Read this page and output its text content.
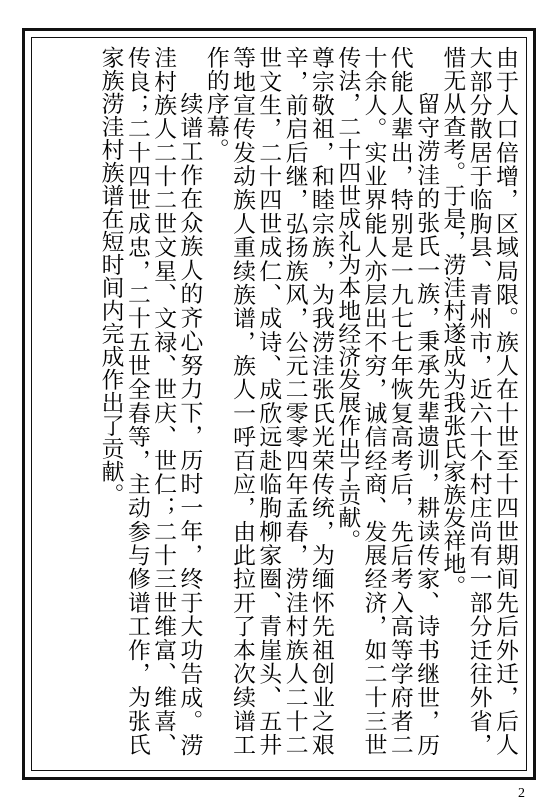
由于人口倍增，区域局限。族人在十世至十四世期间先后外迁，后人大部分散居于临朐县、青州市，近六十个村庄尚有一部分迁往外省，惜无从查考。于是，涝洼村遂成为我张氏家族发祥地。

留守涝洼的张氏一族，秉承先辈遗训，耕读传家、诗书继世，历代能人辈出，特别是一九七七年恢复高考后，先后考入高等学府者二十余人。实业界能人亦层出不穷，诚信经商、发展经济，如二十三世传法，二十四世成礼为本地经济发展作出了贡献。

尊宗敬祖，和睦宗族，为我涝洼张氏光荣传统，为缅怀先祖创业之艰辛，前启后继，弘扬族风，公元二零零四年孟春，涝洼村族人二十二世文生，二十四世成仁、成诗、成欣远赴临朐柳家圈、青崖头、五井等地宣传发动族人重续族谱，族人一呼百应，由此拉开了本次续谱工作的序幕。

续谱工作在众族人的齐心努力下，历时一年，终于大功告成。涝洼村族人二十二世文星、文禄、世庆、世仁；二十三世维富、维喜、传良；二十四世成忠，二十五世全春等，主动参与修谱工作，为张氏家族涝洼村族谱在短时间内完成作出了贡献。

2
